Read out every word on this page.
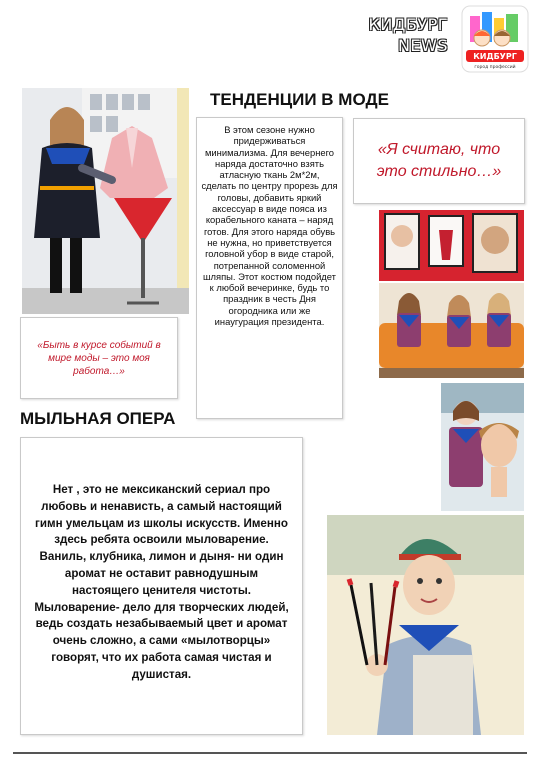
КИДБУРГ
NEWS
КИДБУРГ
город профессий
ТЕНДЕНЦИИ В МОДЕ
В этом сезоне нужно придерживаться минимализма. Для вечернего наряда достаточно взять атласную ткань 2м*2м, сделать по центру прорезь для головы, добавить яркий аксессуар в виде пояса из корабельного каната – наряд готов. Для этого наряда обувь не нужна, но приветствуется головной убор в виде старой, потрепанной соломенной шляпы. Этот костюм подойдет к любой вечеринке, будь то праздник в честь Дня огородника или же инаугурация президента.
«Быть в курсе событий в мире моды – это моя работа…»
«Я считаю, что это стильно…»
МЫЛЬНАЯ ОПЕРА
Нет , это не мексиканский сериал про любовь и ненависть, а самый настоящий гимн умельцам из школы искусств. Именно здесь ребята освоили мыловарение. Ваниль, клубника, лимон и дыня- ни один аромат не оставит равнодушным настоящего ценителя чистоты. Мыловарение- дело для творческих людей, ведь создать незабываемый цвет и аромат очень сложно, а сами «мылотворцы» говорят, что их работа самая чистая и душистая.
